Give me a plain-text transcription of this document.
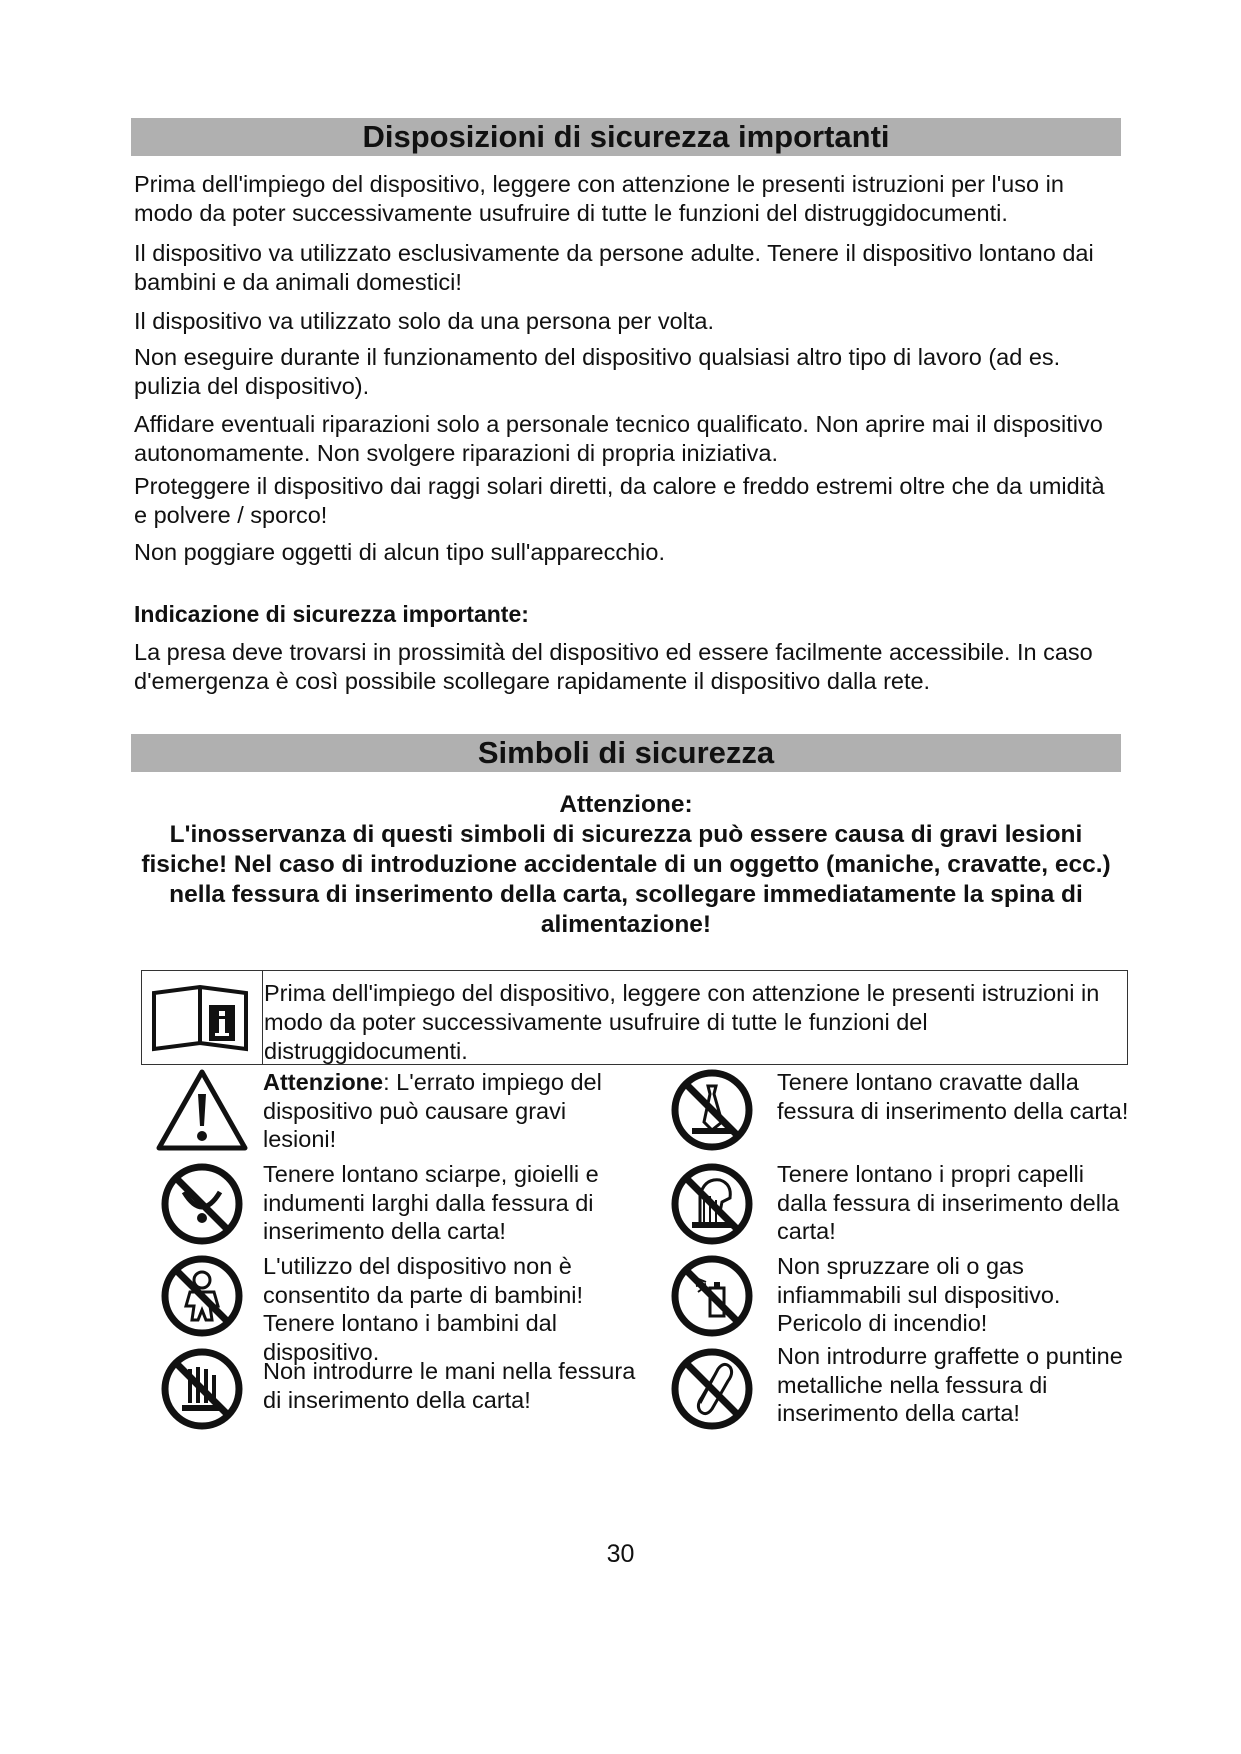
Disposizioni di sicurezza importanti

Prima dell'impiego del dispositivo, leggere con attenzione le presenti istruzioni per l'uso in modo da poter successivamente usufruire di tutte le funzioni del distruggidocumenti.

Il dispositivo va utilizzato esclusivamente da persone adulte. Tenere il dispositivo lontano dai bambini e da animali domestici!

Il dispositivo va utilizzato solo da una persona per volta.

Non eseguire durante il funzionamento del dispositivo qualsiasi altro tipo di lavoro (ad es. pulizia del dispositivo).

Affidare eventuali riparazioni solo a personale tecnico qualificato. Non aprire mai il dispositivo autonomamente. Non svolgere riparazioni di propria iniziativa.

Proteggere il dispositivo dai raggi solari diretti, da calore e freddo estremi oltre che da umidità e polvere / sporco!

Non poggiare oggetti di alcun tipo sull'apparecchio.

Indicazione di sicurezza importante:

La presa deve trovarsi in prossimità del dispositivo ed essere facilmente accessibile. In caso d'emergenza è così possibile scollegare rapidamente il dispositivo dalla rete.

Simboli di sicurezza
Attenzione:
L'inosservanza di questi simboli di sicurezza può essere causa di gravi lesioni fisiche! Nel caso di introduzione accidentale di un oggetto (maniche, cravatte, ecc.) nella fessura di inserimento della carta, scollegare immediatamente la spina di alimentazione!

Prima dell'impiego del dispositivo, leggere con attenzione le presenti istruzioni in modo da poter successivamente usufruire di tutte le funzioni del distruggidocumenti.

Attenzione: L'errato impiego del dispositivo può causare gravi lesioni!

Tenere lontano sciarpe, gioielli e indumenti larghi dalla fessura di inserimento della carta!

L'utilizzo del dispositivo non è consentito da parte di bambini! Tenere lontano i bambini dal dispositivo.

Non introdurre le mani nella fessura di inserimento della carta!

Tenere lontano cravatte dalla fessura di inserimento della carta!

Tenere lontano i propri capelli dalla fessura di inserimento della carta!

Non spruzzare oli o gas infiammabili sul dispositivo. Pericolo di incendio!

Non introdurre graffette o puntine metalliche nella fessura di inserimento della carta!

30
